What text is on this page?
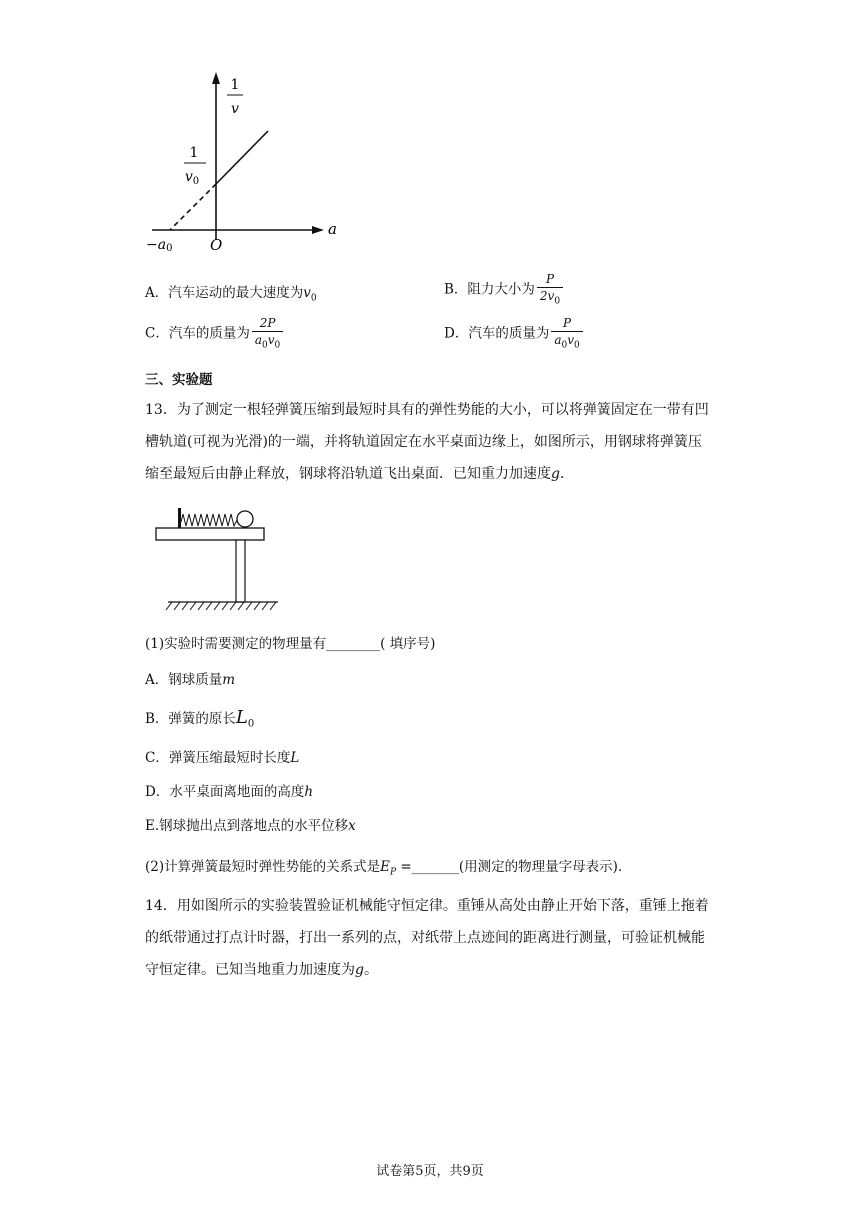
1
v
1
$v_0$
−a0	O
a
A．汽车运动的最大速度为$v_0$
B．阻力大小为 $\frac{P}{2v_0}$
C．汽车的质量为 $\frac{2P}{a_0v_0}$	D．汽车的质量为 $\frac{P}{a_0v_0}$
三、实验题
13．为了测定一根轻弹簧压缩到最短时具有的弹性势能的大小，可以将弹簧固定在一带有凹槽轨道(可视为光滑)的一端，并将轨道固定在水平桌面边缘上，如图所示，用钢球将弹簧压缩至最短后由静止释放，钢球将沿轨道飞出桌面．已知重力加速度g．
(1)实验时需要测定的物理量有________( 填序号)
A．钢球质量m
B．弹簧的原长$L_0$
C．弹簧压缩最短时长度L
D．水平桌面离地面的高度h
E.钢球抛出点到落地点的水平位移x
(2)计算弹簧最短时弹性势能的关系式是$E_P$ =_______(用测定的物理量字母表示).
14．用如图所示的实验装置验证机械能守恒定律。重锤从高处由静止开始下落，重锤上拖着的纸带通过打点计时器，打出一系列的点，对纸带上点迹间的距离进行测量，可验证机械能守恒定律。已知当地重力加速度为g。
试卷第5页，共9页
